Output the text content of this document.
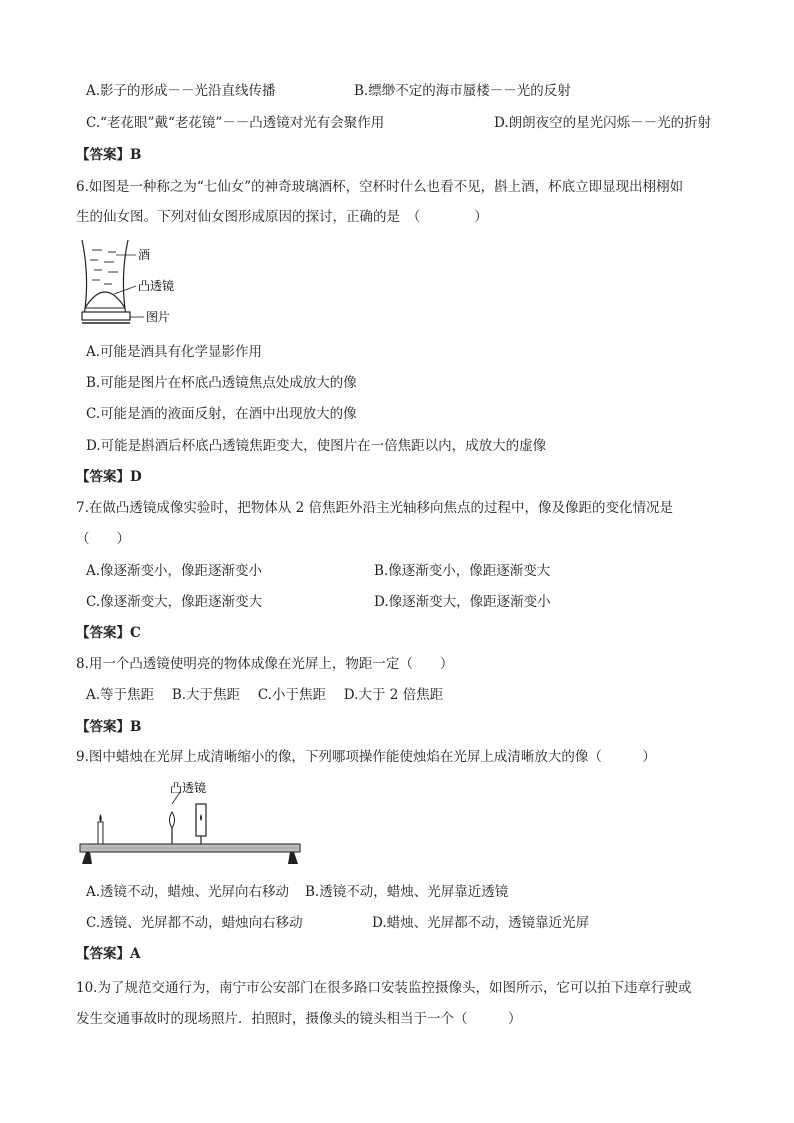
A.影子的形成－－光沿直线传播	B.缥缈不定的海市蜃楼－－光的反射
C.“老花眼”戴“老花镜”－－凸透镜对光有会聚作用	D.朗朗夜空的星光闪烁－－光的折射
【答案】B
6.如图是一种称之为“七仙女”的神奇玻璃酒杯，空杯时什么也看不见，斟上酒，杯底立即显现出栩栩如
生的仙女图。下列对仙女图形成原因的探讨，正确的是　（　　　　）
酒
凸透镜
图片
A.可能是酒具有化学显影作用
B.可能是图片在杯底凸透镜焦点处成放大的像
C.可能是酒的液面反射，在酒中出现放大的像
D.可能是斟酒后杯底凸透镜焦距变大，使图片在一倍焦距以内，成放大的虚像
【答案】D
7.在做凸透镜成像实验时，把物体从 2 倍焦距外沿主光轴移向焦点的过程中，像及像距的变化情况是
（　　）
A.像逐渐变小，像距逐渐变小	B.像逐渐变小，像距逐渐变大
C.像逐渐变大，像距逐渐变大	D.像逐渐变大，像距逐渐变小
【答案】C
8.用一个凸透镜使明亮的物体成像在光屏上，物距一定（　　）
A.等于焦距　 B.大于焦距　 C.小于焦距　 D.大于 2 倍焦距
【答案】B
9.图中蜡烛在光屏上成清晰缩小的像，下列哪项操作能使烛焰在光屏上成清晰放大的像（　　　）
凸透镜
A.透镜不动，蜡烛、光屏向右移动 B.透镜不动，蜡烛、光屏靠近透镜
C.透镜、光屏都不动，蜡烛向右移动	D.蜡烛、光屏都不动，透镜靠近光屏
【答案】A
10.为了规范交通行为，南宁市公安部门在很多路口安装监控摄像头，如图所示，它可以拍下违章行驶或
发生交通事故时的现场照片．拍照时，摄像头的镜头相当于一个（　　　）
